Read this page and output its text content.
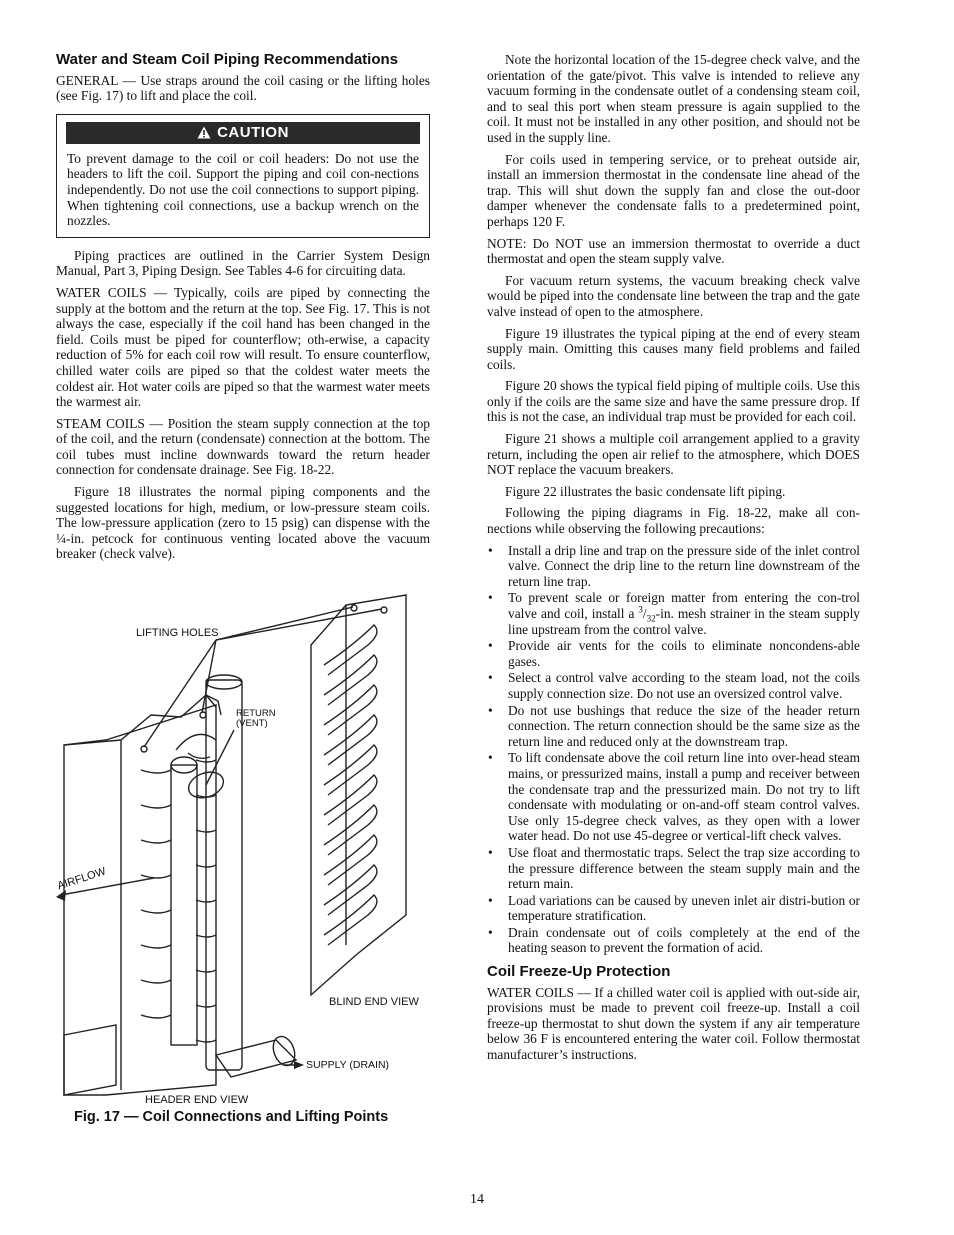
Water and Steam Coil Piping Recommendations

GENERAL — Use straps around the coil casing or the lifting holes (see Fig. 17) to lift and place the coil.

CAUTION
To prevent damage to the coil or coil headers: Do not use the headers to lift the coil. Support the piping and coil con-nections independently. Do not use the coil connections to support piping. When tightening coil connections, use a backup wrench on the nozzles.

Piping practices are outlined in the Carrier System Design Manual, Part 3, Piping Design. See Tables 4-6 for circuiting data.

WATER COILS — Typically, coils are piped by connecting the supply at the bottom and the return at the top. See Fig. 17. This is not always the case, especially if the coil hand has been changed in the field. Coils must be piped for counterflow; oth-erwise, a capacity reduction of 5% for each coil row will result. To ensure counterflow, chilled water coils are piped so that the coldest water meets the coldest air. Hot water coils are piped so that the warmest water meets the warmest air.

STEAM COILS — Position the steam supply connection at the top of the coil, and the return (condensate) connection at the bottom. The coil tubes must incline downwards toward the return header connection for condensate drainage. See Fig. 18-22.

Figure 18 illustrates the normal piping components and the suggested locations for high, medium, or low-pressure steam coils. The low-pressure application (zero to 15 psig) can dispense with the ¼-in. petcock for continuous venting located above the vacuum breaker (check valve).

LIFTING HOLES
RETURN
(VENT)
AIRFLOW
BLIND END VIEW
SUPPLY (DRAIN)
HEADER END VIEW
Fig. 17 — Coil Connections and Lifting Points

Note the horizontal location of the 15-degree check valve, and the orientation of the gate/pivot. This valve is intended to relieve any vacuum forming in the condensate outlet of a condensing steam coil, and to seal this port when steam pressure is again supplied to the coil. It must not be installed in any other position, and should not be used in the supply line.

For coils used in tempering service, or to preheat outside air, install an immersion thermostat in the condensate line ahead of the trap. This will shut down the supply fan and close the out-door damper whenever the condensate falls to a predetermined point, perhaps 120 F.

NOTE: Do NOT use an immersion thermostat to override a duct thermostat and open the steam supply valve.

For vacuum return systems, the vacuum breaking check valve would be piped into the condensate line between the trap and the gate valve instead of open to the atmosphere.

Figure 19 illustrates the typical piping at the end of every steam supply main. Omitting this causes many field problems and failed coils.

Figure 20 shows the typical field piping of multiple coils. Use this only if the coils are the same size and have the same pressure drop. If this is not the case, an individual trap must be provided for each coil.

Figure 21 shows a multiple coil arrangement applied to a gravity return, including the open air relief to the atmosphere, which DOES NOT replace the vacuum breakers.

Figure 22 illustrates the basic condensate lift piping.

Following the piping diagrams in Fig. 18-22, make all con-nections while observing the following precautions:

• Install a drip line and trap on the pressure side of the inlet control valve. Connect the drip line to the return line downstream of the return line trap.
• To prevent scale or foreign matter from entering the con-trol valve and coil, install a $^3/_{32}-in$. mesh strainer in the steam supply line upstream from the control valve.
• Provide air vents for the coils to eliminate noncondens-able gases.
• Select a control valve according to the steam load, not the coils supply connection size. Do not use an oversized control valve.
• Do not use bushings that reduce the size of the header return connection. The return connection should be the same size as the return line and reduced only at the downstream trap.
• To lift condensate above the coil return line into over-head steam mains, or pressurized mains, install a pump and receiver between the condensate trap and the pressurized main. Do not try to lift condensate with modulating or on-and-off steam control valves. Use only 15-degree check valves, as they open with a lower water head. Do not use 45-degree or vertical-lift check valves.
• Use float and thermostatic traps. Select the trap size according to the pressure difference between the steam supply main and the return main.
• Load variations can be caused by uneven inlet air distri-bution or temperature stratification.
• Drain condensate out of coils completely at the end of the heating season to prevent the formation of acid.
Coil Freeze-Up Protection

WATER COILS — If a chilled water coil is applied with out-side air, provisions must be made to prevent coil freeze-up. Install a coil freeze-up thermostat to shut down the system if any air temperature below 36 F is encountered entering the water coil. Follow thermostat manufacturer’s instructions.

14
